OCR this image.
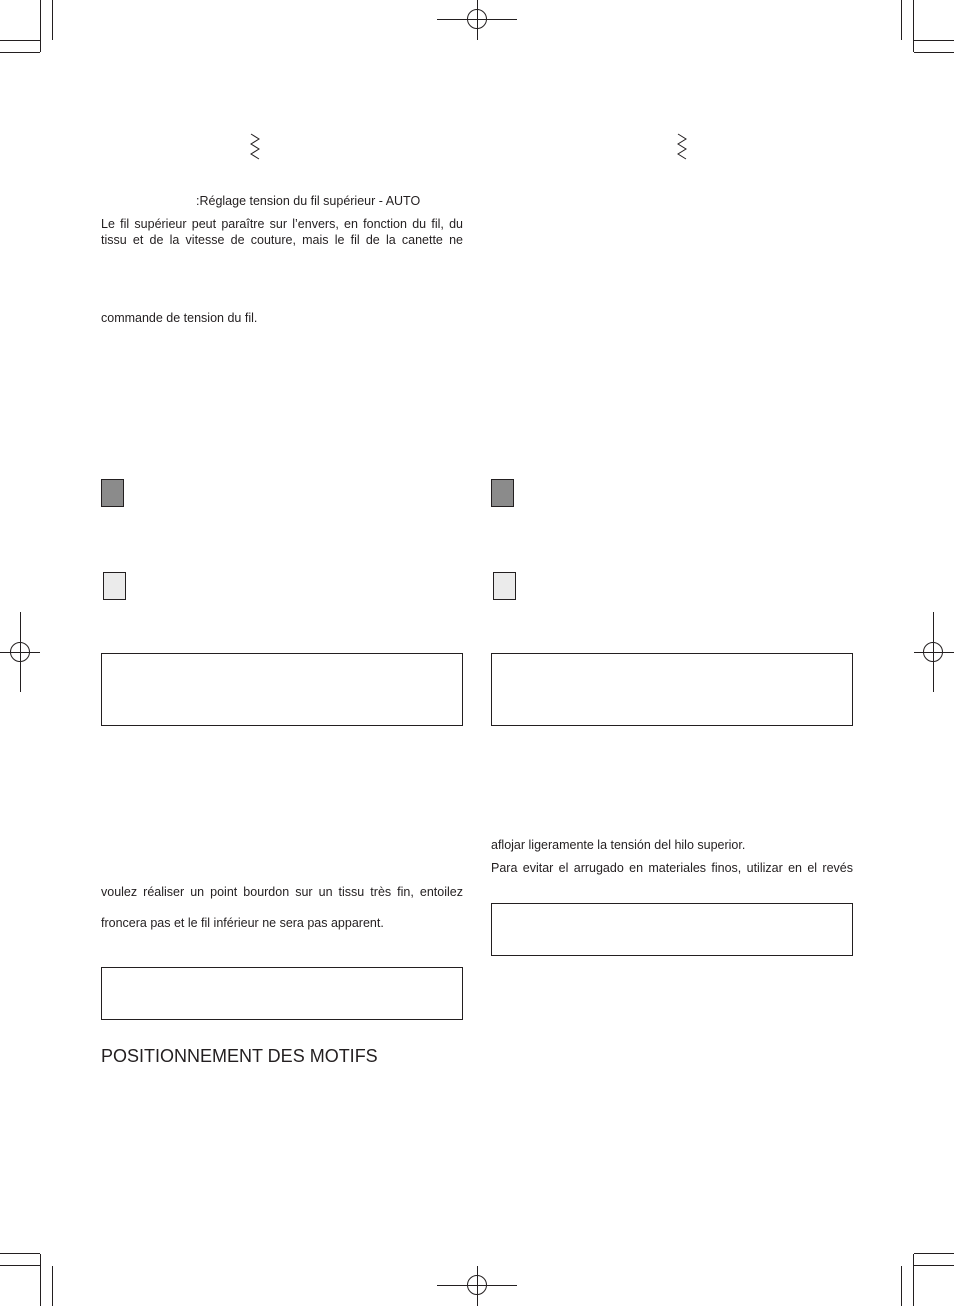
:Réglage tension du fil supérieur - AUTO
Le fil supérieur peut paraître sur l’envers, en fonction du fil, du
tissu et de la vitesse de couture, mais le fil de la canette ne
commande de tension du fil.
voulez réaliser un point bourdon sur un tissu très fin, entoilez
froncera pas et le fil inférieur ne sera pas apparent.
POSITIONNEMENT DES MOTIFS
aflojar ligeramente la tensión del hilo superior.
Para evitar el arrugado en materiales finos, utilizar en el revés
